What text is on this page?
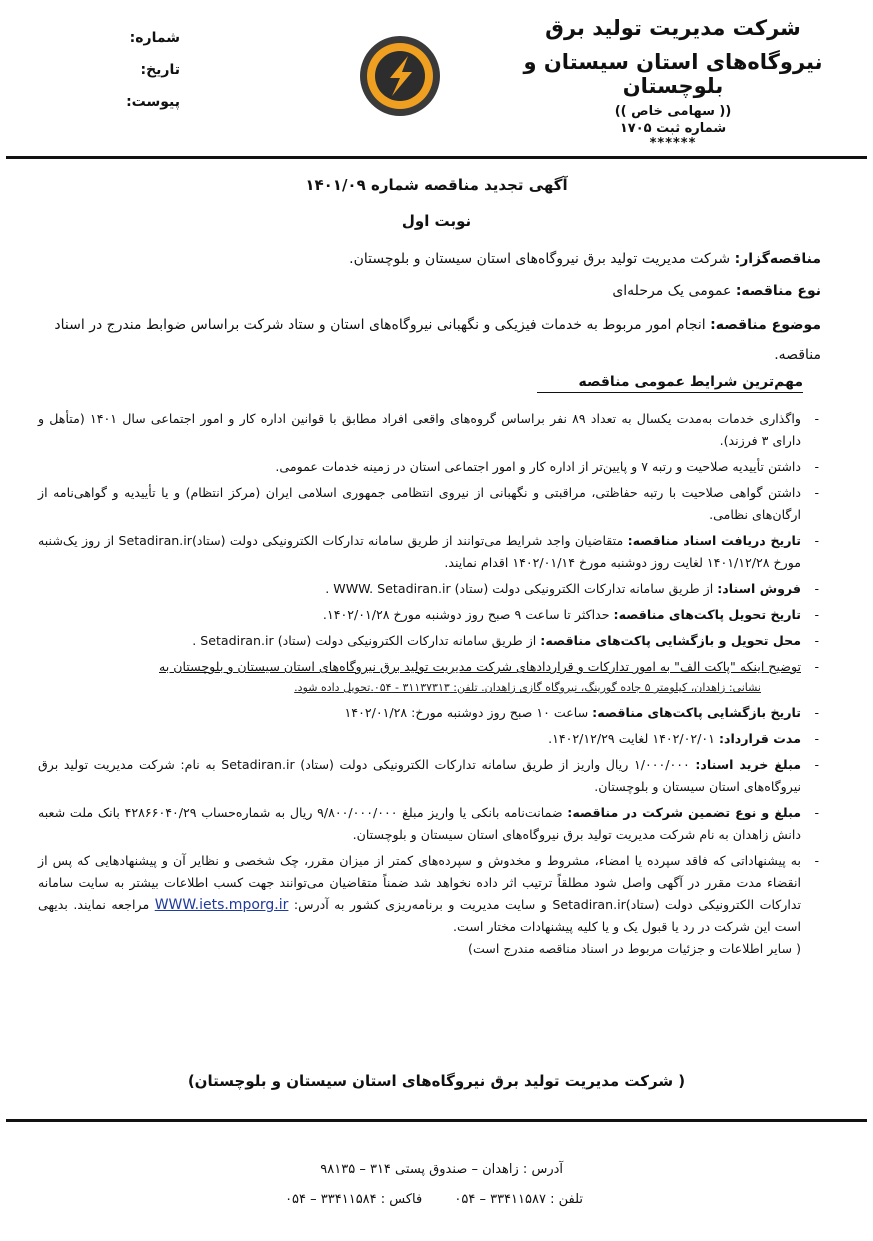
شرکت مدیریت تولید برق
نیروگاه‌های استان سیستان و بلوچستان
(( سهامی خاص ))
شماره ثبت ۱۷۰۵
******
شماره:
تاریخ:
پیوست:
آگهی تجدید مناقصه شماره ۱۴۰۱/۰۹
نوبت اول
مناقصه‌گزار: شرکت مدیریت تولید برق نیروگاه‌های استان سیستان و بلوچستان.
نوع مناقصه: عمومی یک مرحله‌ای
موضوع مناقصه: انجام امور مربوط به خدمات فیزیکی و نگهبانی نیروگاه‌های استان و ستاد شرکت براساس ضوابط مندرج در اسناد مناقصه.
مهم‌ترین شرایط عمومی مناقصه
- واگذاری خدمات به‌مدت یکسال به تعداد ۸۹ نفر براساس گروه‌های واقعی افراد مطابق با قوانین اداره کار و امور اجتماعی سال ۱۴۰۱ (متأهل و دارای ۳ فرزند).
- داشتن تأییدیه صلاحیت و رتبه ۷ و پایین‌تر از اداره کار و امور اجتماعی استان در زمینه خدمات عمومی.
- داشتن گواهی صلاحیت با رتبه حفاظتی، مراقبتی و نگهبانی از نیروی انتظامی جمهوری اسلامی ایران (مرکز انتظام) و یا تأییدیه و گواهی‌نامه از ارگان‌های نظامی.
- تاریخ دریافت اسناد مناقصه: متقاضیان واجد شرایط می‌توانند از طریق سامانه تدارکات الکترونیکی دولت (ستاد)Setadiran.ir از روز یک‌شنبه مورخ ۱۴۰۱/۱۲/۲۸ لغایت روز دوشنبه مورخ ۱۴۰۲/۰۱/۱۴ اقدام نمایند.
- فروش اسناد: از طریق سامانه تدارکات الکترونیکی دولت (ستاد) WWW. Setadiran.ir .
- تاریخ تحویل پاکت‌های مناقصه: حداکثر تا ساعت ۹ صبح روز دوشنبه مورخ ۱۴۰۲/۰۱/۲۸.
- محل تحویل و بازگشایی پاکت‌های مناقصه: از طریق سامانه تدارکات الکترونیکی دولت (ستاد) Setadiran.ir .
- توضیح اینکه "پاکت الف" به امور تدارکات و قراردادهای شرکت مدیریت تولید برق نیروگاه‌های استان سیستان و بلوچستان به
نشانی: زاهدان، کیلومتر ۵ جاده گورینگ، نیروگاه گازی زاهدان. تلفن: ۳۱۱۳۷۳۱۳ - ۰۵۴.تحویل داده شود.
- تاریخ بازگشایی پاکت‌های مناقصه: ساعت ۱۰ صبح روز دوشنبه مورخ: ۱۴۰۲/۰۱/۲۸
- مدت قرارداد: ۱۴۰۲/۰۲/۰۱ لغایت ۱۴۰۲/۱۲/۲۹.
- مبلغ خرید اسناد: ۱/۰۰۰/۰۰۰ ریال واریز از طریق سامانه تدارکات الکترونیکی دولت (ستاد) Setadiran.ir به نام: شرکت مدیریت تولید برق نیروگاه‌های استان سیستان و بلوچستان.
- مبلغ و نوع تضمین شرکت در مناقصه: ضمانت‌نامه بانکی یا واریز مبلغ ۹/۸۰۰/۰۰۰/۰۰۰ ریال به شماره‌حساب ۴۲۸۶۶۰۴۰/۲۹ بانک ملت شعبه دانش زاهدان به نام شرکت مدیریت تولید برق نیروگاه‌های استان سیستان و بلوچستان.
- به پیشنهاداتی که فاقد سپرده یا امضاء، مشروط و مخدوش و سپرده‌های کمتر از میزان مقرر، چک شخصی و نظایر آن و پیشنهادهایی که پس از انقضاء مدت مقرر در آگهی واصل شود مطلقاً ترتیب اثر داده نخواهد شد ضمناً متقاضیان می‌توانند جهت کسب اطلاعات بیشتر به سایت سامانه تدارکات الکترونیکی دولت (ستاد)Setadiran.ir و سایت مدیریت و برنامه‌ریزی کشور به آدرس: WWW.iets.mporg.ir مراجعه نمایند. بدیهی است این شرکت در رد یا قبول یک و یا کلیه پیشنهادات مختار است.
( سایر اطلاعات و جزئیات مربوط در اسناد مناقصه مندرج است)
( شرکت مدیریت تولید برق نیروگاه‌های استان سیستان و بلوچستان)
آدرس : زاهدان – صندوق پستی ۳۱۴ – ۹۸۱۳۵
تلفن : ۳۳۴۱۱۵۸۷ – ۰۵۴ فاکس : ۳۳۴۱۱۵۸۴ – ۰۵۴
